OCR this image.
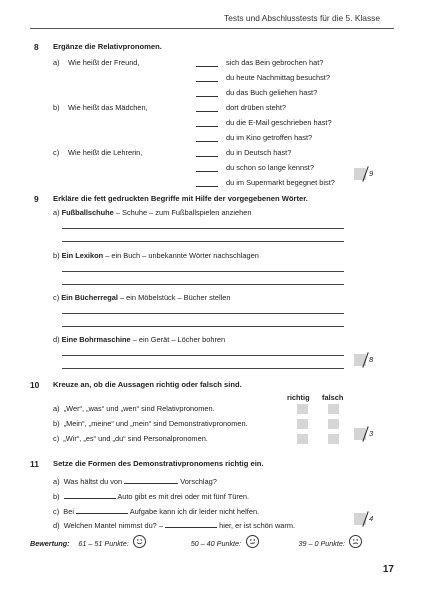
Tests und Abschlusstests für die 5. Klasse
8 Ergänze die Relativpronomen.
a) Wie heißt der Freund,	sich das Bein gebrochen hat?
du heute Nachmittag besuchst?
du das Buch geliehen hast?
b) Wie heißt das Mädchen,	dort drüben steht?
du die E-Mail geschrieben hast?
du im Kino getroffen hast?
c) Wie heißt die Lehrerin,	du in Deutsch hast?
du schon so lange kennst?
du im Supermarkt begegnet bist?
9
9 Erkläre die fett gedruckten Begriffe mit Hilfe der vorgegebenen Wörter.
a) Fußballschuhe – Schuhe – zum Fußballspielen anziehen
b) Ein Lexikon – ein Buch – unbekannte Wörter nachschlagen
c) Ein Bücherregal – ein Möbelstück – Bücher stellen
d) Eine Bohrmaschine – ein Gerät – Löcher bohren
8
10 Kreuze an, ob die Aussagen richtig oder falsch sind.
richtig falsch
a) „Wer“, „was“ und „wen“ sind Relativpronomen.
b) „Mein“, „meine“ und „mein“ sind Demonstrativpronomen.
c) „Wir“, „es“ und „du“ sind Personalpronomen.
3
11 Setze die Formen des Demonstrativpronomens richtig ein.
a) Was hältst du von	Vorschlag?
b)	Auto gibt es mit drei oder mit fünf Türen.
c) Bei	Aufgabe kann ich dir leider nicht helfen.
d) Welchen Mantel nimmst du? –	hier, er ist schön warm.
4
Bewertung: 61 – 51 Punkte:	50 – 40 Punkte:	39 – 0 Punkte:
17
